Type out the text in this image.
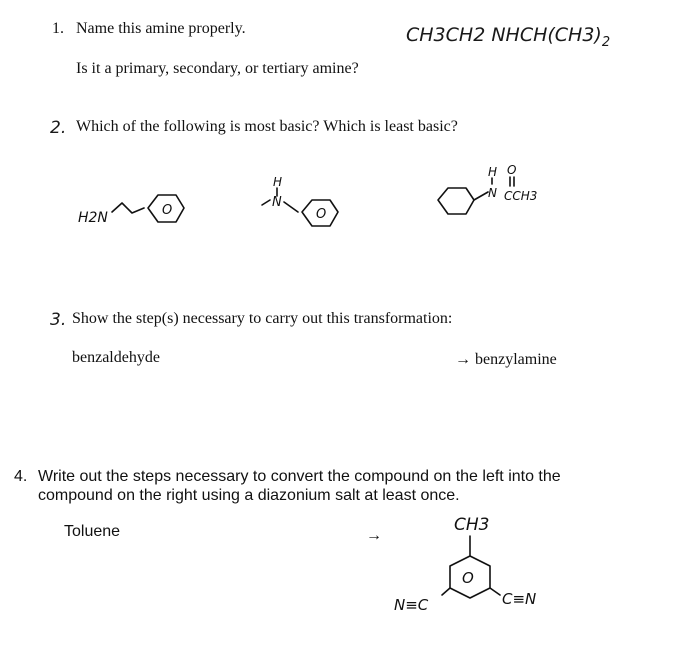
1. Name this amine properly.
Is it a primary, secondary, or tertiary amine?
CH3CH2 $NHCH(CH3)_2$
2. Which of the following is most basic? Which is least basic?
H2N	O
H
N
O
H
N
O
CCH3
3. Show the step(s) necessary to carry out this transformation:
benzaldehyde	→ benzylamine
4. Write out the steps necessary to convert the compound on the left into the
compound on the right using a diazonium salt at least once.
Toluene	→
CH3
O
N≡C	C≡N
